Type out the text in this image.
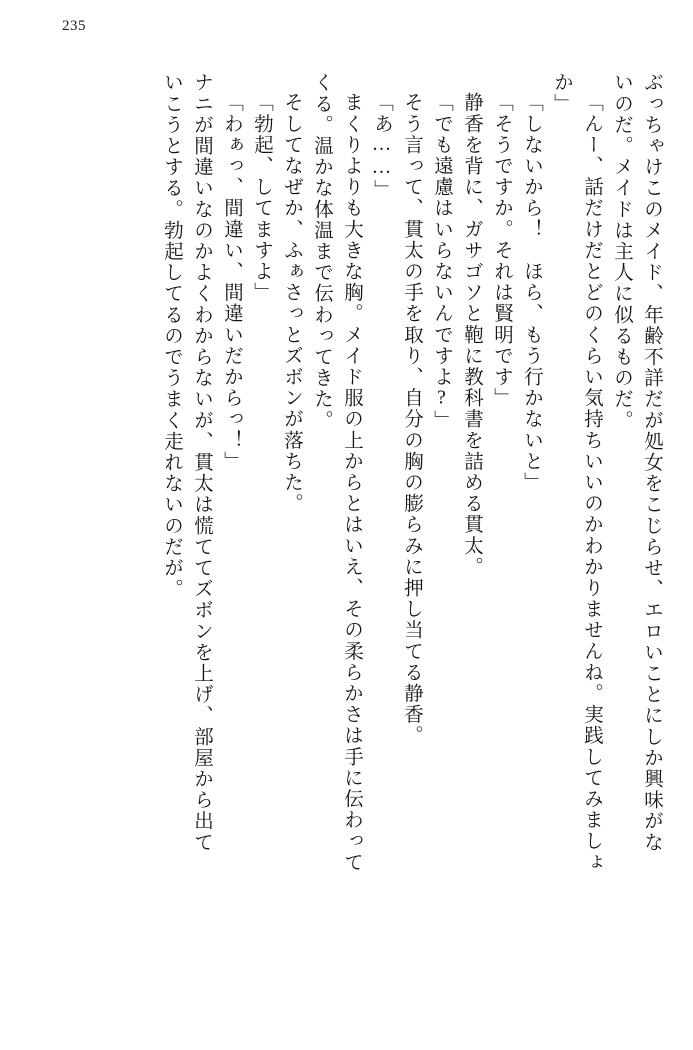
235
ぶっちゃけこのメイド、年齢不詳だが処女をこじらせ、エロいことにしか興味がな
いのだ。メイドは主人に似るものだ。
「んー、話だけだとどのくらい気持ちいいのかわかりませんね。実践してみましょ
か」
「しないから！　ほら、もう行かないと」
「そうですか。それは賢明です」
静香を背に、ガサゴソと鞄に教科書を詰める貫太。
「でも遠慮はいらないんですよ?」
そう言って、貫太の手を取り、自分の胸の膨らみに押し当てる静香。
「あ……」
まくりよりも大きな胸。メイド服の上からとはいえ、その柔らかさは手に伝わって
くる。温かな体温まで伝わってきた。
そしてなぜか、ふぁさっとズボンが落ちた。
「勃起、してますよ」
「わぁっ、間違い、間違いだからっ！」
ナニが間違いなのかよくわからないが、貫太は慌ててズボンを上げ、部屋から出て
いこうとする。勃起してるのでうまく走れないのだが。
